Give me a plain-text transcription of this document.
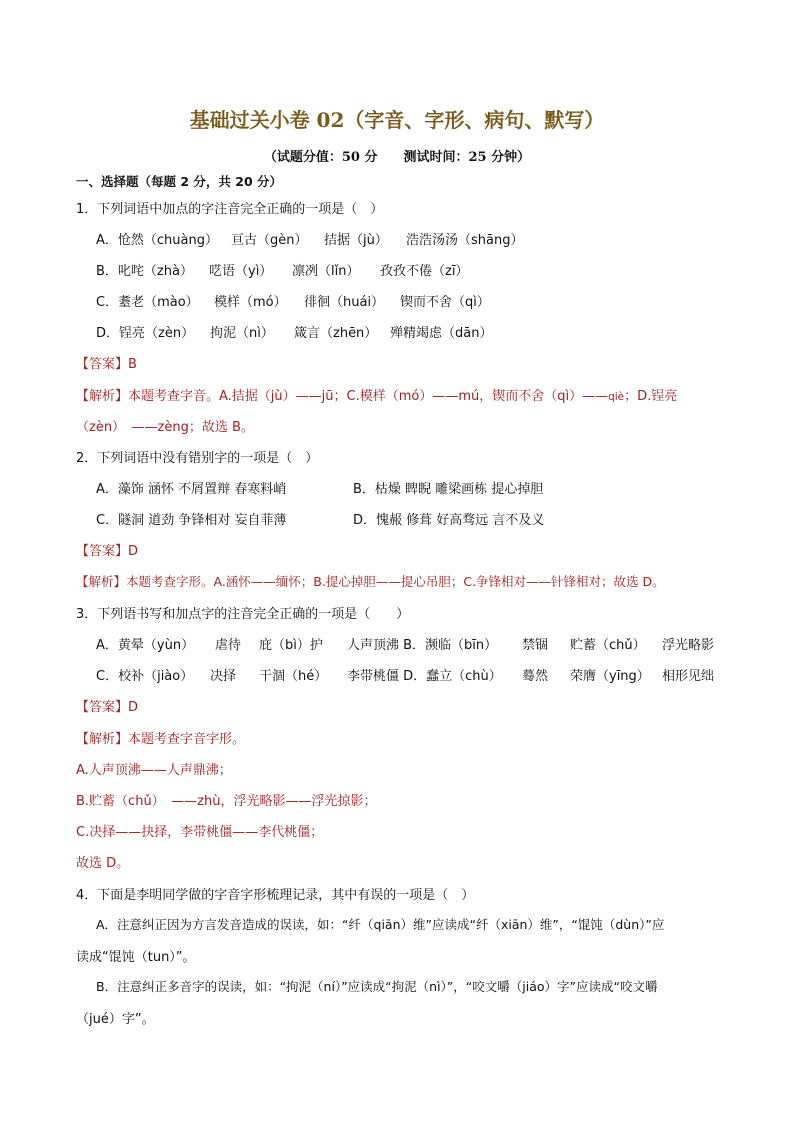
基础过关小卷 02（字音、字形、病句、默写）
（试题分值：50 分　　测试时间：25 分钟）
一、选择题（每题 2 分，共 20 分）
1．下列词语中加点的字注音完全正确的一项是（　）
A．怆然（chuàng） 亘古（gèn） 拮据（jù） 浩浩汤汤（shāng）
B．叱咤（zhà） 呓语（yì） 凛冽（lǐn） 孜孜不倦（zī）
C．耋老（mào） 模样（mó） 徘徊（huái） 锲而不舍（qì）
D．锃亮（zèn） 拘泥（nì） 箴言（zhēn） 殚精竭虑（dān）
【答案】B
【解析】本题考查字音。A.拮据（jù）——jū；C.模样（mó）——mú，锲而不舍（qì）——qiè；D.锃亮
（zèn）　——zèng；故选 B。
2．下列词语中没有错别字的一项是（　）
A．藻饰 涵怀 不屑置辩 春寒料峭	B．枯燥 睥睨 雕梁画栋 提心掉胆
C．隧洞 道劲 争锋相对 妄自菲薄	D．愧赧 修葺 好高骛远 言不及义
【答案】D
【解析】本题考查字形。A.涵怀——缅怀；B.提心掉胆——提心吊胆；C.争锋相对——针锋相对；故选 D。
3．下列语书写和加点字的注音完全正确的一项是（　　）
A．黄晕（yùn） 虐待 庇（bì）护 人声顶沸 B．濒临（bīn） 禁锢 贮蓄（chǔ） 浮光略影
C．校补（jiào） 决择 干涸（hé） 李带桃僵 D．蠢立（chù） 蓦然 荣膺（yīng） 相形见绌
【答案】D
【解析】本题考查字音字形。
A.人声顶沸——人声鼎沸；
B.贮蓄（chǔ）　——zhù，浮光略影——浮光掠影；
C.决择——抉择，李带桃僵——李代桃僵；
故选 D。
4．下面是李明同学做的字音字形梳理记录，其中有误的一项是（　）
A．注意纠正因为方言发音造成的误读，如：“纤（qiān）维”应读成“纤（xiān）维”，“馄饨（dùn）”应
读成“馄饨（tun）”。
B．注意纠正多音字的误读，如：“拘泥（ní）”应读成“拘泥（nì）”，“咬文嚼（jiáo）字”应读成“咬文嚼
（jué）字”。
